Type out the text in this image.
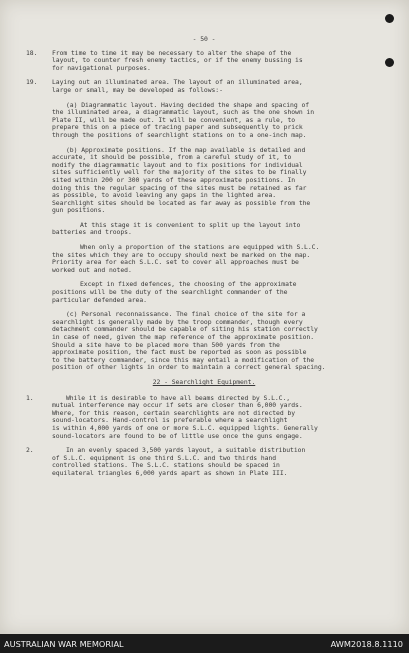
- 50 -
18. From time to time it may be necessary to alter the shape of the
layout, to counter fresh enemy tactics, or if the enemy bussing is
for navigational purposes.
19. Laying out an illuminated area. The layout of an illuminated area,
large or small, may be developed as follows:-
(a) Diagrammatic layout. Having decided the shape and spacing of
the illuminated area, a diagrammatic layout, such as the one shown in
Plate II, will be made out. It will be convenient, as a rule, to
prepare this on a piece of tracing paper and subsequently to prick
through the positions of searchlight stations on to a one-inch map.
(b) Approximate positions. If the map available is detailed and
accurate, it should be possible, from a careful study of it, to
modify the diagrammatic layout and to fix positions for individual
sites sufficiently well for the majority of the sites to be finally
sited within 200 or 300 yards of these approximate positions. In
doing this the regular spacing of the sites must be retained as far
as possible, to avoid leaving any gaps in the lighted area.
Searchlight sites should be located as far away as possible from the
gun positions.
At this stage it is convenient to split up the layout into
batteries and troops.
When only a proportion of the stations are equipped with S.L.C.
the sites which they are to occupy should next be marked on the map.
Priority area for each S.L.C. set to cover all approaches must be
worked out and noted.
Except in fixed defences, the choosing of the approximate
positions will be the duty of the searchlight commander of the
particular defended area.
(c) Personal reconnaissance. The final choice of the site for a
searchlight is generally made by the troop commander, though every
detachment commander should be capable of siting his station correctly
in case of need, given the map reference of the approximate position.
Should a site have to be placed more than 500 yards from the
approximate position, the fact must be reported as soon as possible
to the battery commander, since this may entail a modification of the
position of other lights in order to maintain a correct general spacing.
22 - Searchlight Equipment.
1.	While it is desirable to have all beams directed by S.L.C.,
mutual interference may occur if sets are closer than 6,000 yards.
Where, for this reason, certain searchlights are not directed by
sound-locators. Hand-control is preferable where a searchlight
is within 4,000 yards of one or more S.L.C. equipped lights. Generally
sound-locators are found to be of little use once the guns engage.
2.	In an evenly spaced 3,500 yards layout, a suitable distribution
of S.L.C. equipment is one third S.L.C. and two thirds hand
controlled stations. The S.L.C. stations should be spaced in
equilateral triangles 6,000 yards apart as shown in Plate III.
AUSTRALIAN WAR MEMORIAL	AWM2018.8.1110
